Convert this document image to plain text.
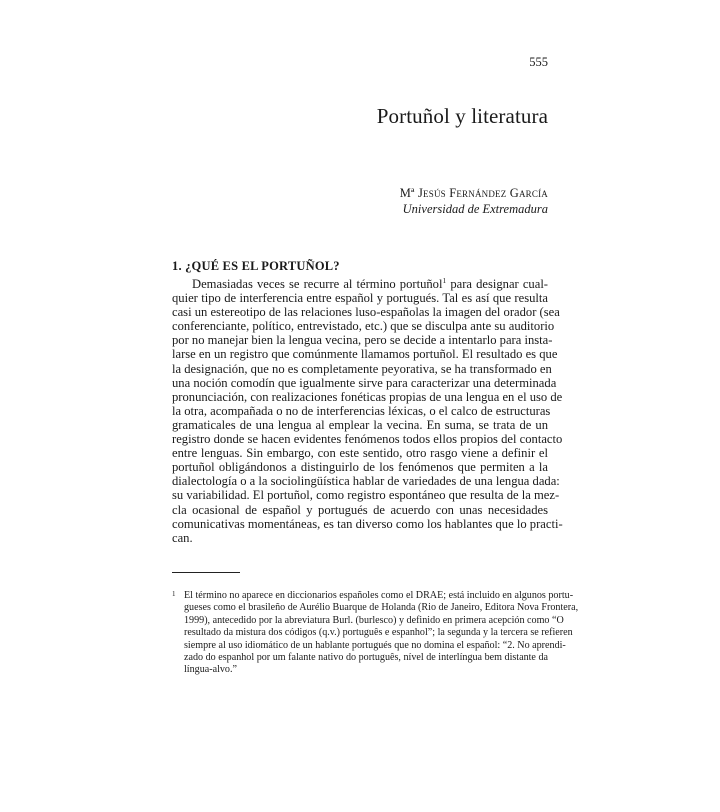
555
Portuñol y literatura
Mª Jesús Fernández García
Universidad de Extremadura
1. ¿QUÉ ES EL PORTUÑOL?
Demasiadas veces se recurre al término portuñol$^1$ para designar cual-
quier tipo de interferencia entre español y portugués. Tal es así que resulta
casi un estereotipo de las relaciones luso-españolas la imagen del orador (sea
conferenciante, político, entrevistado, etc.) que se disculpa ante su auditorio
por no manejar bien la lengua vecina, pero se decide a intentarlo para insta-
larse en un registro que comúnmente llamamos portuñol. El resultado es que
la designación, que no es completamente peyorativa, se ha transformado en
una noción comodín que igualmente sirve para caracterizar una determinada
pronunciación, con realizaciones fonéticas propias de una lengua en el uso de
la otra, acompañada o no de interferencias léxicas, o el calco de estructuras
gramaticales de una lengua al emplear la vecina. En suma, se trata de un
registro donde se hacen evidentes fenómenos todos ellos propios del contacto
entre lenguas. Sin embargo, con este sentido, otro rasgo viene a definir el
portuñol obligándonos a distinguirlo de los fenómenos que permiten a la
dialectología o a la sociolingüística hablar de variedades de una lengua dada:
su variabilidad. El portuñol, como registro espontáneo que resulta de la mez-
cla ocasional de español y portugués de acuerdo con unas necesidades
comunicativas momentáneas, es tan diverso como los hablantes que lo practi-
can.
1 El término no aparece en diccionarios españoles como el DRAE; está incluido en algunos portu-
gueses como el brasileño de Aurélio Buarque de Holanda (Rio de Janeiro, Editora Nova Frontera,
1999), antecedido por la abreviatura Burl. (burlesco) y definido en primera acepción como “O
resultado da mistura dos códigos (q.v.) português e espanhol”; la segunda y la tercera se refieren
siempre al uso idiomático de un hablante portugués que no domina el español: “2. No aprendi-
zado do espanhol por um falante nativo do português, nível de interlíngua bem distante da
língua-alvo.”
